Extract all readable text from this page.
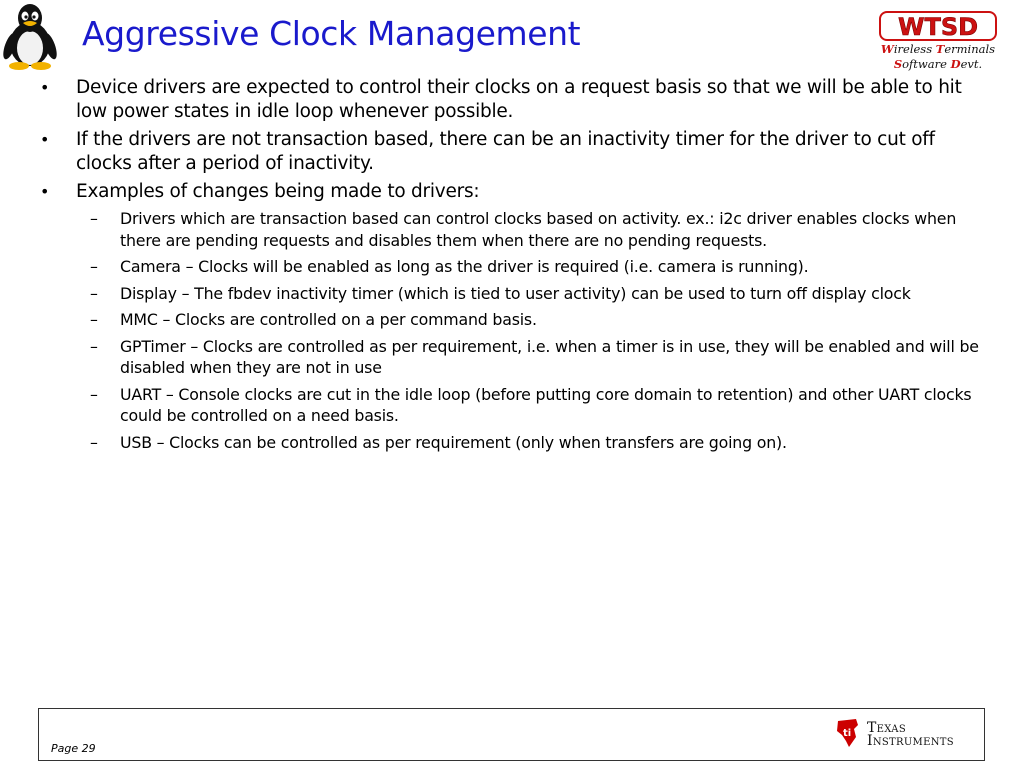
Aggressive Clock Management	WTSD
Wireless Terminals
Software Devt.
• Device drivers are expected to control their clocks on a request basis so that we will be able to hit low power states in idle loop whenever possible.
• If the drivers are not transaction based, there can be an inactivity timer for the driver to cut off clocks after a period of inactivity.
• Examples of changes being made to drivers:
– Drivers which are transaction based can control clocks based on activity. ex.: i2c driver enables clocks when there are pending requests and disables them when there are no pending requests.
– Camera – Clocks will be enabled as long as the driver is required (i.e. camera is running).
– Display – The fbdev inactivity timer (which is tied to user activity) can be used to turn off display clock
– MMC – Clocks are controlled on a per command basis.
– GPTimer – Clocks are controlled as per requirement, i.e. when a timer is in use, they will be enabled and will be disabled when they are not in use
– UART – Console clocks are cut in the idle loop (before putting core domain to retention) and other UART clocks could be controlled on a need basis.
– USB – Clocks can be controlled as per requirement (only when transfers are going on).
Page 29
ti Texas
Instruments
